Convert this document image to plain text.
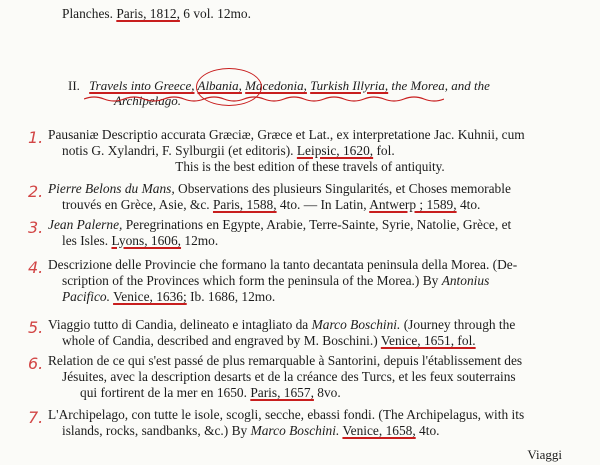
Planches. Paris, 1812, 6 vol. 12mo.
II. Travels into Greece, Albania, Macedonia, Turkish Illyria, the Morea, and the
Archipelago.
1. Pausaniæ Descriptio accurata Græciæ, Græce et Lat., ex interpretatione Jac. Kuhnii, cum
notis G. Xylandri, F. Sylburgii (et editoris). Leipsic, 1620, fol.
This is the best edition of these travels of antiquity.
2. Pierre Belons du Mans, Observations des plusieurs Singularités, et Choses memorable
trouvés en Grèce, Asie, &c. Paris, 1588, 4to. — In Latin, Antwerp ; 1589, 4to.
3. Jean Palerne, Peregrinations en Egypte, Arabie, Terre-Sainte, Syrie, Natolie, Grèce, et
les Isles. Lyons, 1606, 12mo.
4. Descrizione delle Provincie che formano la tanto decantata peninsula della Morea. (De-
scription of the Provinces which form the peninsula of the Morea.) By Antonius
Pacifico. Venice, 1636; Ib. 1686, 12mo.
5. Viaggio tutto di Candia, delineato e intagliato da Marco Boschini. (Journey through the
whole of Candia, described and engraved by M. Boschini.) Venice, 1651, fol.
6. Relation de ce qui s'est passé de plus remarquable à Santorini, depuis l'établissement des
Jésuites, avec la description desarts et de la créance des Turcs, et les feux souterrains
qui fortirent de la mer en 1650. Paris, 1657, 8vo.
7. L'Archipelago, con tutte le isole, scogli, secche, ebassi fondi. (The Archipelagus, with its
islands, rocks, sandbanks, &c.) By Marco Boschini. Venice, 1658, 4to.
Viaggi
